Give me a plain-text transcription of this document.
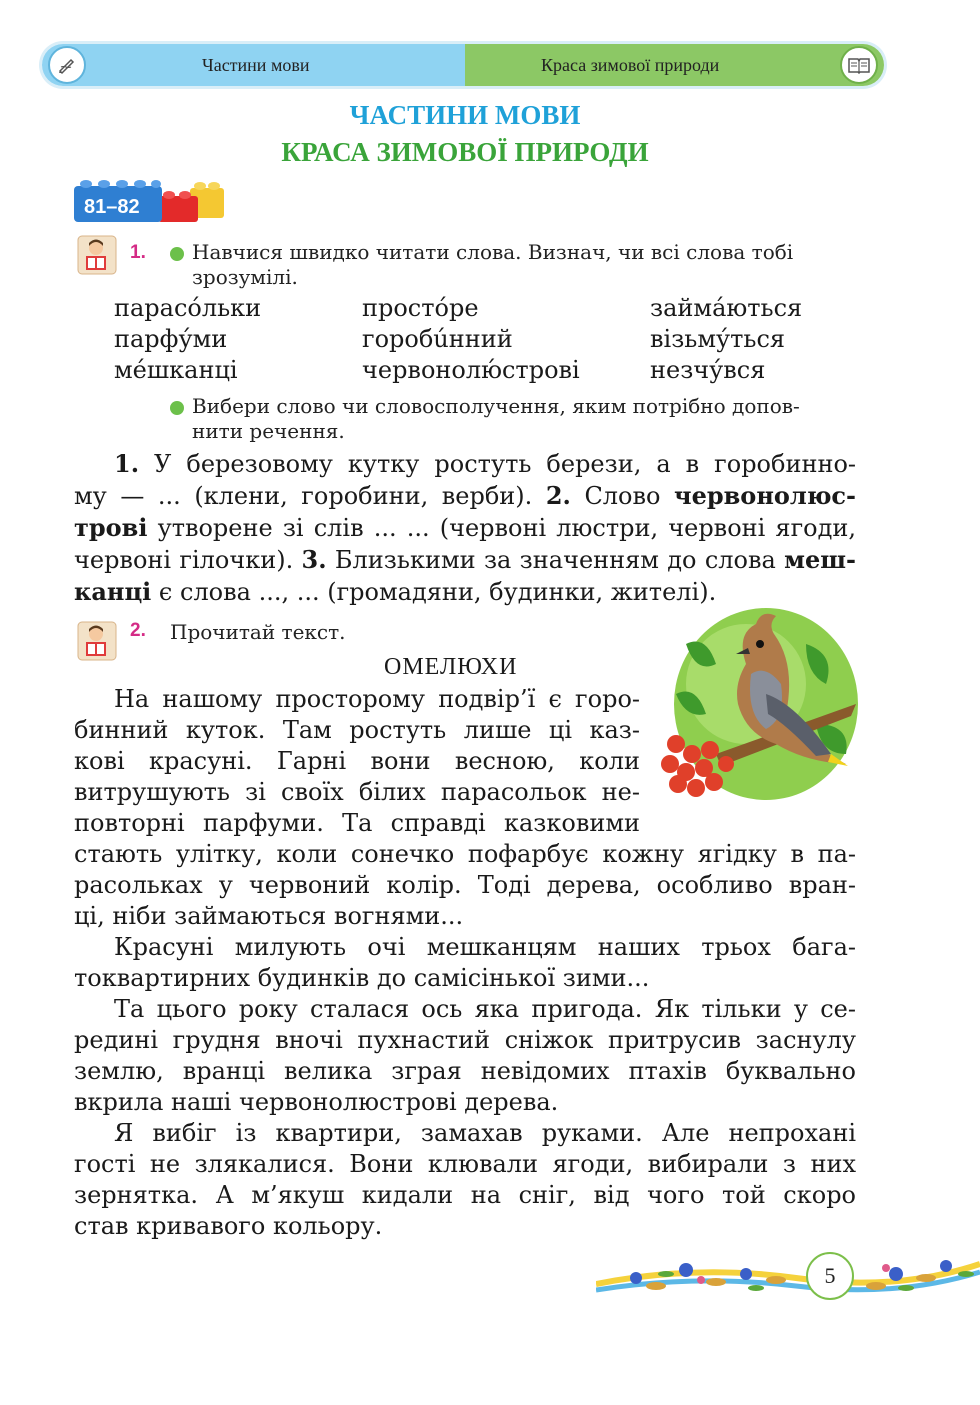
Частини мови	Краса зимової природи
ЧАСТИНИ МОВИ
КРАСА ЗИМОВОЇ ПРИРОДИ
81–82
1. Навчися швидко читати слова. Визнач, чи всі слова тобі
зрозумілі.
парасо́льки	просто́ре	займа́ються
парфу́ми	горобúнний	візьму́ться
ме́шканці	червонолю́строві	незчу́вся
Вибери слово чи словосполучення, яким потрібно допов-
нити речення.
1. У березовому кутку ростуть берези, а в горобинно-
му — ... (клени, горобини, верби). 2. Слово червонолюс-
трові утворене зі слів ... ... (червоні люстри, червоні ягоди,
червоні гілочки). 3. Близькими за значенням до слова меш-
канці є слова ..., ... (громадяни, будинки, жителі).
2. Прочитай текст.
ОМЕЛЮХИ
На нашому просторому подвір’ї є горо-
бинний куток. Там ростуть лише ці каз-
кові красуні. Гарні вони весною, коли
витрушують зі своїх білих парасольок не-
повторні парфуми. Та справді казковими
стають улітку, коли сонечко пофарбує кожну ягідку в па-
расольках у червоний колір. Тоді дерева, особливо вран-
ці, ніби займаються вогнями...
Красуні милують очі мешканцям наших трьох бага-
токвартирних будинків до самісінької зими...
Та цього року сталася ось яка пригода. Як тільки у се-
редині грудня вночі пухнастий сніжок притрусив заснулу
землю, вранці велика зграя невідомих птахів буквально
вкрила наші червонолюстрові дерева.
Я вибіг із квартири, замахав руками. Але непрохані
гості не злякалися. Вони клювали ягоди, вибирали з них
зернятка. А м’якуш кидали на сніг, від чого той скоро
став кривавого кольору.
5
